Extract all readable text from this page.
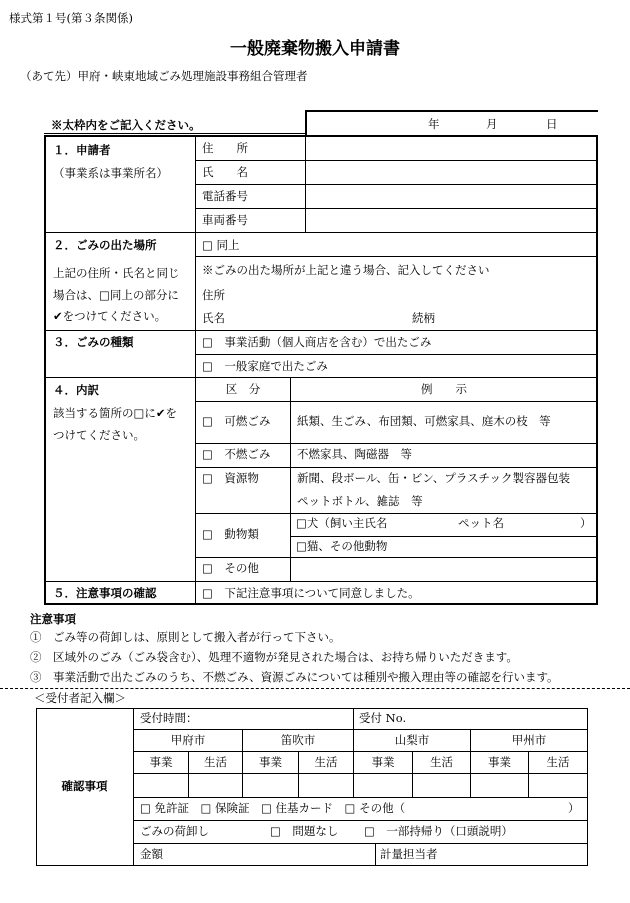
様式第１号(第３条関係)
一般廃棄物搬入申請書
（あて先）甲府・峡東地域ごみ処理施設事務組合管理者
※太枠内をご記入ください。	年	月	日
１．申請者
（事業系は事業所名）
住　　所
氏　　名
電話番号
車両番号
２．ごみの出た場所
上記の住所・氏名と同じ
場合は、□同上の部分に
✔をつけてください。
□ 同上
※ごみの出た場所が上記と違う場合、記入してください
住所
氏名	続柄
３．ごみの種類	□　事業活動（個人商店を含む）で出たごみ
□　一般家庭で出たごみ
４．内訳
該当する箇所の□に✔を
つけてください。
区　分	例　　示
□　可燃ごみ 紙類、生ごみ、布団類、可燃家具、庭木の枝　等
□　不燃ごみ 不燃家具、陶磁器　等
□　資源物	新聞、段ボール、缶・ビン、プラスチック製容器包装
ペットボトル、雑誌　等
□　動物類
□犬（飼い主氏名	ペット名	）
□猫、その他動物
□　その他
５．注意事項の確認	□　下記注意事項について同意しました。
注意事項
①　ごみ等の荷卸しは、原則として搬入者が行って下さい。
②　区域外のごみ（ごみ袋含む）、処理不適物が発見された場合は、お持ち帰りいただきます。
③　事業活動で出たごみのうち、不燃ごみ、資源ごみについては種別や搬入理由等の確認を行います。
＜受付者記入欄＞
確認事項
受付時間：	受付 No.
甲府市	笛吹市	山梨市	甲州市
事業	生活	事業	生活	事業	生活	事業	生活
□ 免許証　□ 保険証　□ 住基カード　□ その他（	）
ごみの荷卸し	□　問題なし □　一部持帰り（口頭説明）
金額	計量担当者
